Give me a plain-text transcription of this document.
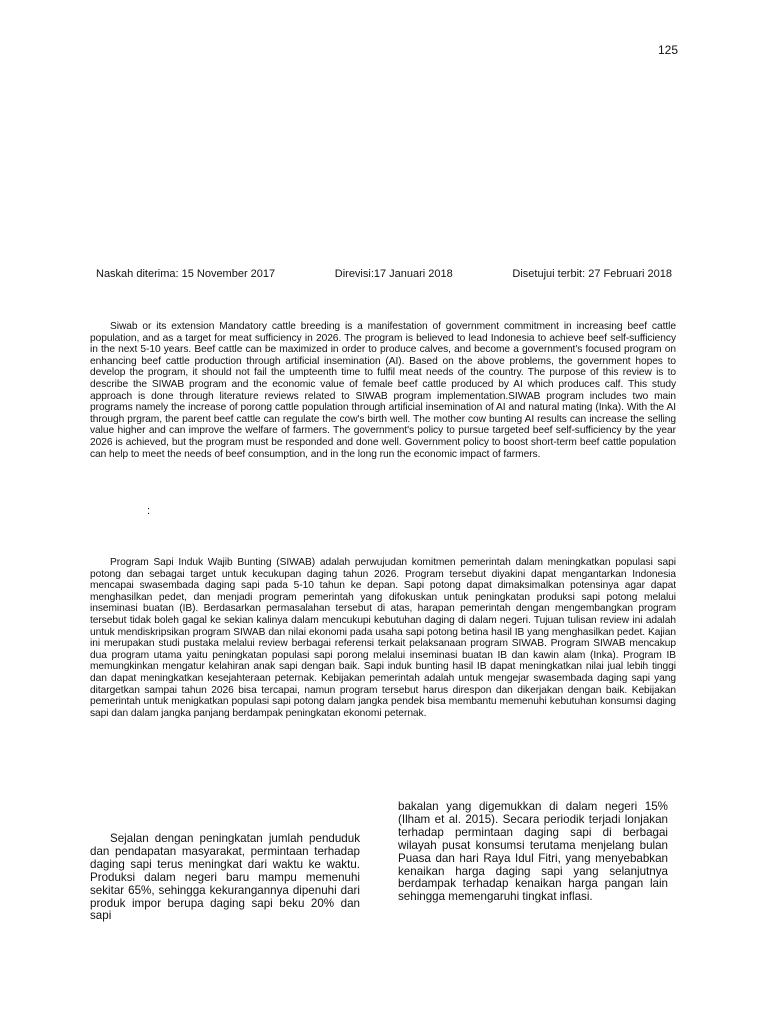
125
Naskah diterima: 15 November 2017	Direvisi:17 Januari 2018	Disetujui terbit: 27 Februari 2018

Siwab or its extension Mandatory cattle breeding is a manifestation of government commitment in increasing beef cattle population, and as a target for meat sufficiency in 2026. The program is believed to lead Indonesia to achieve beef self-sufficiency in the next 5-10 years. Beef cattle can be maximized in order to produce calves, and become a government’s focused program on enhancing beef cattle production through artificial insemination (AI). Based on the above problems, the government hopes to develop the program, it should not fail the umpteenth time to fulfil meat needs of the country. The purpose of this review is to describe the SIWAB program and the economic value of female beef cattle produced by AI which produces calf. This study approach is done through literature reviews related to SIWAB program implementation.SIWAB program includes two main programs namely the increase of porong cattle population through artificial insemination of AI and natural mating (Inka). With the AI through prgram, the parent beef cattle can regulate the cow's birth well. The mother cow bunting AI results can increase the selling value higher and can improve the welfare of farmers. The government's policy to pursue targeted beef self-sufficiency by the year 2026 is achieved, but the program must be responded and done well. Government policy to boost short-term beef cattle population can help to meet the needs of beef consumption, and in the long run the economic impact of farmers.

:

Program Sapi Induk Wajib Bunting (SIWAB) adalah perwujudan komitmen pemerintah dalam meningkatkan populasi sapi potong dan sebagai target untuk kecukupan daging tahun 2026. Program tersebut diyakini dapat mengantarkan Indonesia mencapai swasembada daging sapi pada 5-10 tahun ke depan. Sapi potong dapat dimaksimalkan potensinya agar dapat menghasilkan pedet, dan menjadi program pemerintah yang difokuskan untuk peningkatan produksi sapi potong melalui inseminasi buatan (IB). Berdasarkan permasalahan tersebut di atas, harapan pemerintah dengan mengembangkan program tersebut tidak boleh gagal ke sekian kalinya dalam mencukupi kebutuhan daging di dalam negeri. Tujuan tulisan review ini adalah untuk mendiskripsikan program SIWAB dan nilai ekonomi pada usaha sapi potong betina hasil IB yang menghasilkan pedet. Kajian ini merupakan studi pustaka melalui review berbagai referensi terkait pelaksanaan program SIWAB. Program SIWAB mencakup dua program utama yaitu peningkatan populasi sapi porong melalui inseminasi buatan IB dan kawin alam (Inka). Program IB memungkinkan mengatur kelahiran anak sapi dengan baik. Sapi induk bunting hasil IB dapat meningkatkan nilai jual lebih tinggi dan dapat meningkatkan kesejahteraan peternak. Kebijakan pemerintah adalah untuk mengejar swasembada daging sapi yang ditargetkan sampai tahun 2026 bisa tercapai, namun program tersebut harus direspon dan dikerjakan dengan baik. Kebijakan pemerintah untuk menigkatkan populasi sapi potong dalam jangka pendek bisa membantu memenuhi kebutuhan konsumsi daging sapi dan dalam jangka panjang berdampak peningkatan ekonomi peternak.

Sejalan dengan peningkatan jumlah penduduk dan pendapatan masyarakat, permintaan terhadap daging sapi terus meningkat dari waktu ke waktu. Produksi dalam negeri baru mampu memenuhi sekitar 65%, sehingga kekurangannya dipenuhi dari produk impor berupa daging sapi beku 20% dan sapi

bakalan yang digemukkan di dalam negeri 15% (Ilham et al. 2015). Secara periodik terjadi lonjakan terhadap permintaan daging sapi di berbagai wilayah pusat konsumsi terutama menjelang bulan Puasa dan hari Raya Idul Fitri, yang menyebabkan kenaikan harga daging sapi yang selanjutnya berdampak terhadap kenaikan harga pangan lain sehingga memengaruhi tingkat inflasi.
